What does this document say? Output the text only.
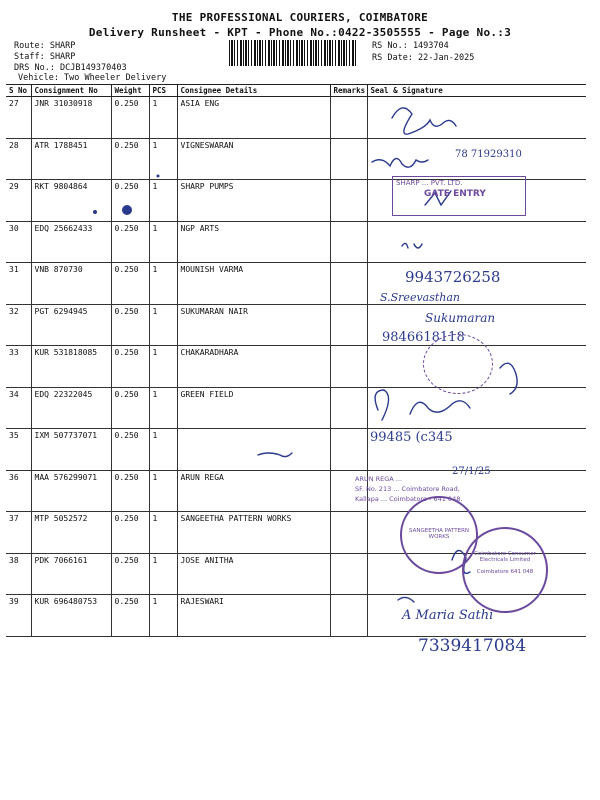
THE PROFESSIONAL COURIERS, COIMBATORE
Delivery Runsheet - KPT - Phone No.:0422-3505555 - Page No.:3
Route: SHARP
Staff: SHARP
DRS No.: DCJB149370403
Vehicle: Two Wheeler Delivery
RS No.: 1493704
RS Date: 22-Jan-2025
S No	Consignment No	Weight	PCS	Consignee Details	Remarks	Seal & Signature
27	JNR 31030918	0.250	1	ASIA ENG		
28	ATR 1788451	0.250	1	VIGNESWARAN		
29	RKT 9804864	0.250	1	SHARP PUMPS		
30	EDQ 25662433	0.250	1	NGP ARTS		
31	VNB 870730	0.250	1	MOUNISH VARMA		
32	PGT 6294945	0.250	1	SUKUMARAN NAIR		
33	KUR 531818085	0.250	1	CHAKARADHARA		
34	EDQ 22322045	0.250	1	GREEN FIELD		
35	IXM 507737071	0.250	1			
36	MAA 576299071	0.250	1	ARUN REGA		
37	MTP 5052572	0.250	1	SANGEETHA PATTERN WORKS		
38	PDK 7066161	0.250	1	JOSE ANITHA		
39	KUR 696480753	0.250	1	RAJESWARI		
78 71929310
9943726258
S.Sreevasthan
Sukumaran
9846618118
99485 (c345
27/1/25
A Maria Sathi
7339417084
SHARP ... PVT. LTD.
GATE ENTRY
ARUN REGA ...
SF. No. 213 ... Coimbatore Road,
Kallapa ... Coimbatore - 641 048.
SANGEETHA PATTERN WORKS
Coimbatore Consumer Electricals Limited
Coimbatore 641 048
